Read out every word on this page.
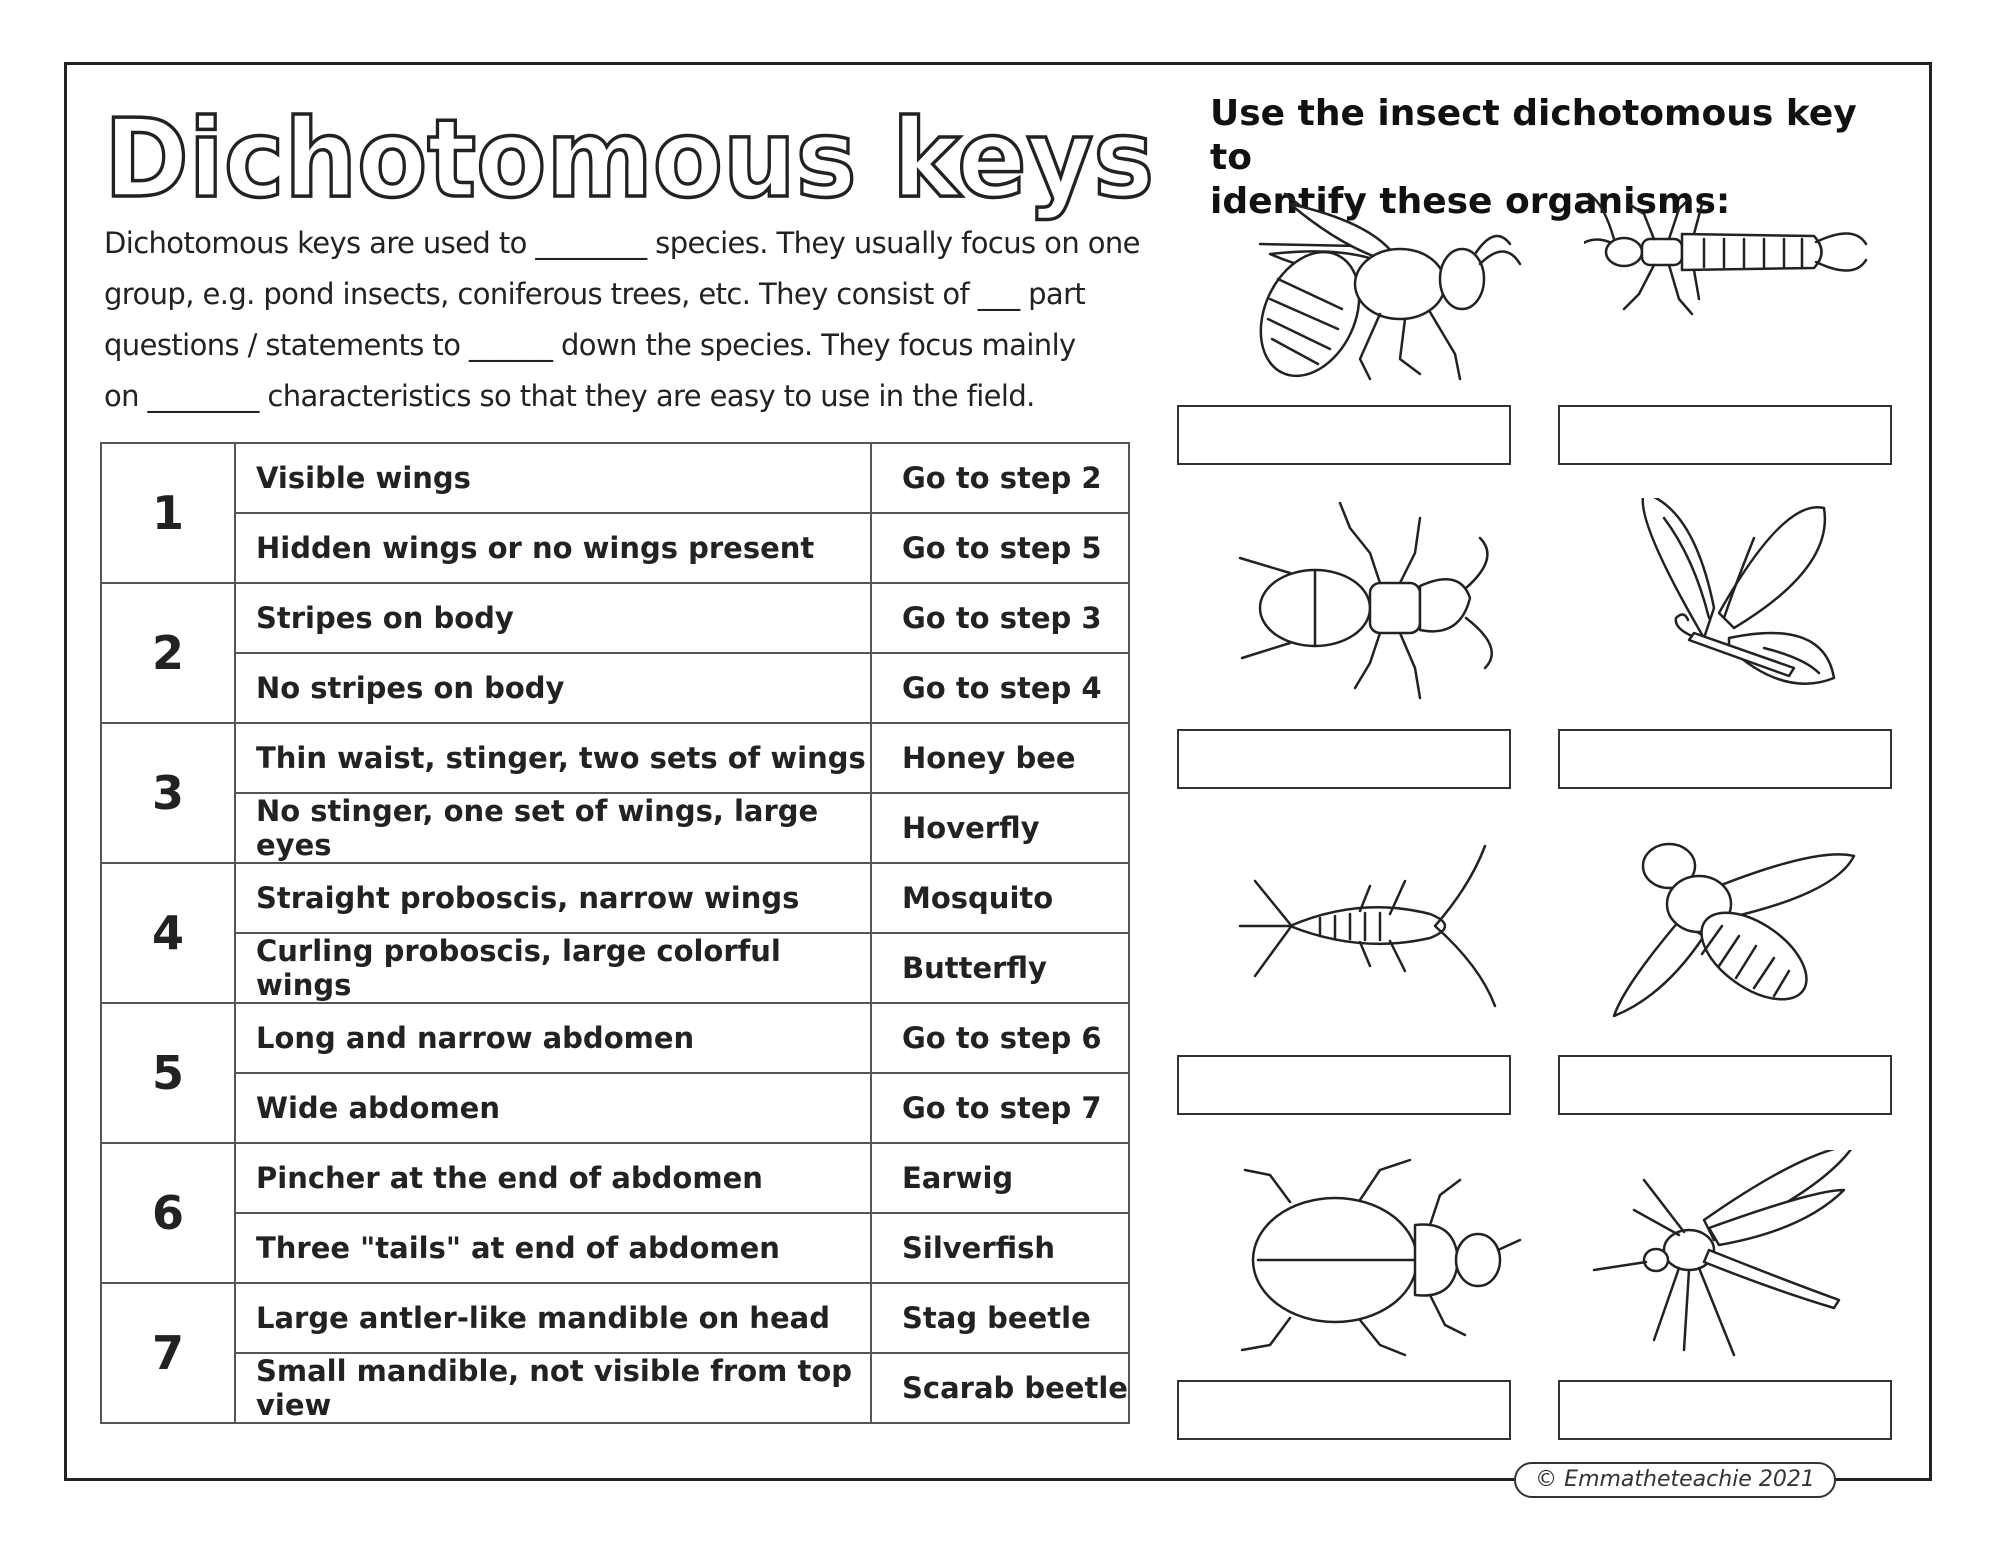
Dichotomous keys
Dichotomous keys are used to ________ species. They usually focus on one
group, e.g. pond insects, coniferous trees, etc. They consist of ___ part
questions / statements to ______ down the species. They focus mainly
on ________ characteristics so that they are easy to use in the field.
1	Visible wings	Go to step 2
	Hidden wings or no wings present	Go to step 5
2	Stripes on body	Go to step 3
	No stripes on body	Go to step 4
3	Thin waist, stinger, two sets of wings	Honey bee
	No stinger, one set of wings, large eyes	Hoverfly
4	Straight proboscis, narrow wings	Mosquito
	Curling proboscis, large colorful wings	Butterfly
5	Long and narrow abdomen	Go to step 6
	Wide abdomen	Go to step 7
6	Pincher at the end of abdomen	Earwig
	Three "tails" at end of abdomen	Silverfish
7	Large antler-like mandible on head	Stag beetle
	Small mandible, not visible from top view	Scarab beetle
Use the insect dichotomous key to
identify these organisms:
© Emmatheteachie 2021
